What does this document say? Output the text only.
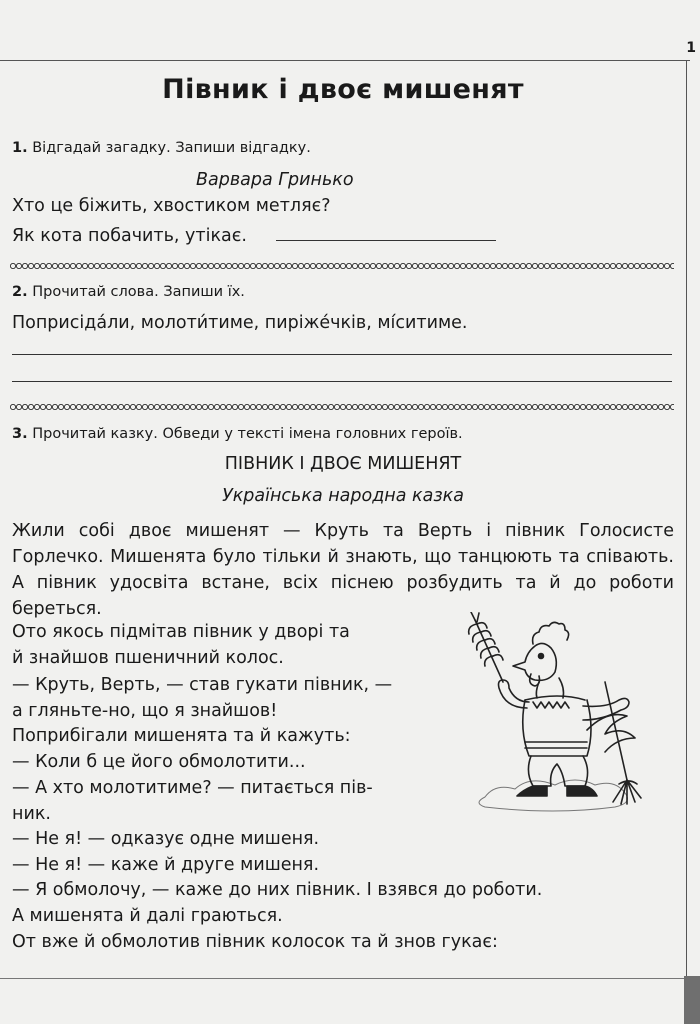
1
Півник і двоє мишенят
1. Відгадай загадку. Запиши відгадку.
Варвара Гринько
Хто це біжить, хвостиком метляє?
Як кота побачить, утікає.
2. Прочитай слова. Запиши їх.
Поприсіда́ли, молоти́тиме, пиріже́чків, мі́ситиме.
3. Прочитай казку. Обведи у тексті імена головних героїв.
ПІВНИК І ДВОЄ МИШЕНЯТ
Українська народна казка
Жили собі двоє мишенят — Круть та Верть і півник Голосисте Горлечко. Мишенята було тільки й знають, що танцюють та співають. А півник удосвіта встане, всіх піснею розбудить та й до роботи береться.
Ото якось підмітав півник у дворі та
й знайшов пшеничний колос.
— Круть, Верть, — став гукати півник, —
а гляньте-но, що я знайшов!
Поприбігали мишенята та й кажуть:
— Коли б це його обмолотити...
— А хто молотитиме? — питається пів-
ник.
— Не я! — одказує одне мишеня.
— Не я! — каже й друге мишеня.
— Я обмолочу, — каже до них півник. І взявся до роботи.
А мишенята й далі граються.
От вже й обмолотив півник колосок та й знов гукає:
